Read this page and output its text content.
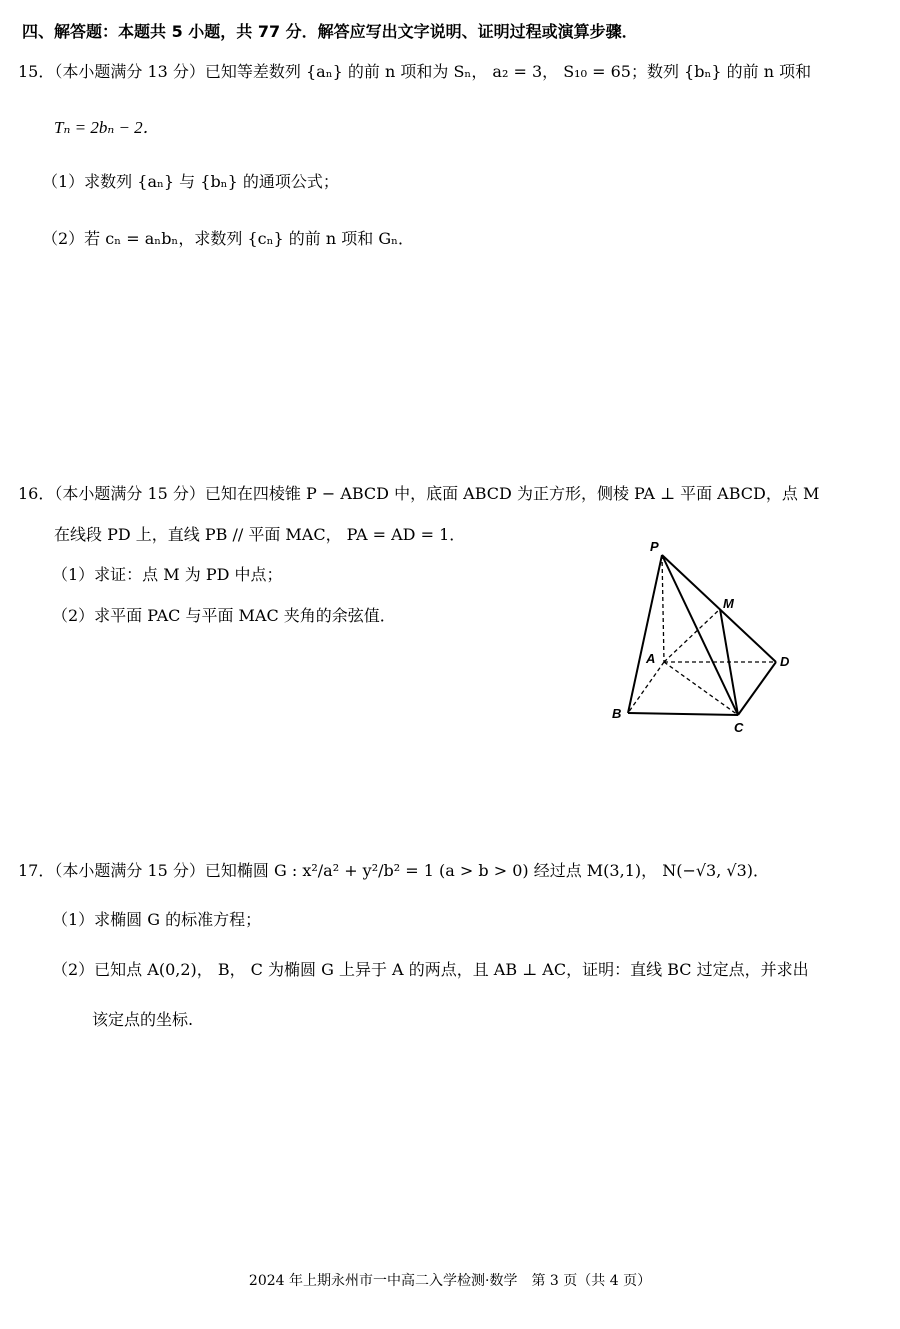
四、解答题：本题共 5 小题，共 77 分．解答应写出文字说明、证明过程或演算步骤．
15．（本小题满分 13 分）已知等差数列 {aₙ} 的前 n 项和为 Sₙ， a₂ = 3， S₁₀ = 65；数列 {bₙ} 的前 n 项和
Tₙ = 2bₙ − 2．
（1）求数列 {aₙ} 与 {bₙ} 的通项公式；
（2）若 cₙ = aₙbₙ，求数列 {cₙ} 的前 n 项和 Gₙ．
16．（本小题满分 15 分）已知在四棱锥 P − ABCD 中，底面 ABCD 为正方形，侧棱 PA ⊥ 平面 ABCD，点 M
在线段 PD 上，直线 PB // 平面 MAC， PA = AD = 1．
（1）求证：点 M 为 PD 中点；
（2）求平面 PAC 与平面 MAC 夹角的余弦值．
P
M
A	D
B
C
17．（本小题满分 15 分）已知椭圆 G : x²/a² + y²/b² = 1 (a > b > 0) 经过点 M(3,1)， N(−√3, √3)．
（1）求椭圆 G 的标准方程；
（2）已知点 A(0,2)， B， C 为椭圆 G 上异于 A 的两点，且 AB ⊥ AC，证明：直线 BC 过定点，并求出
该定点的坐标.
2024 年上期永州市一中高二入学检测·数学　第 3 页（共 4 页）
